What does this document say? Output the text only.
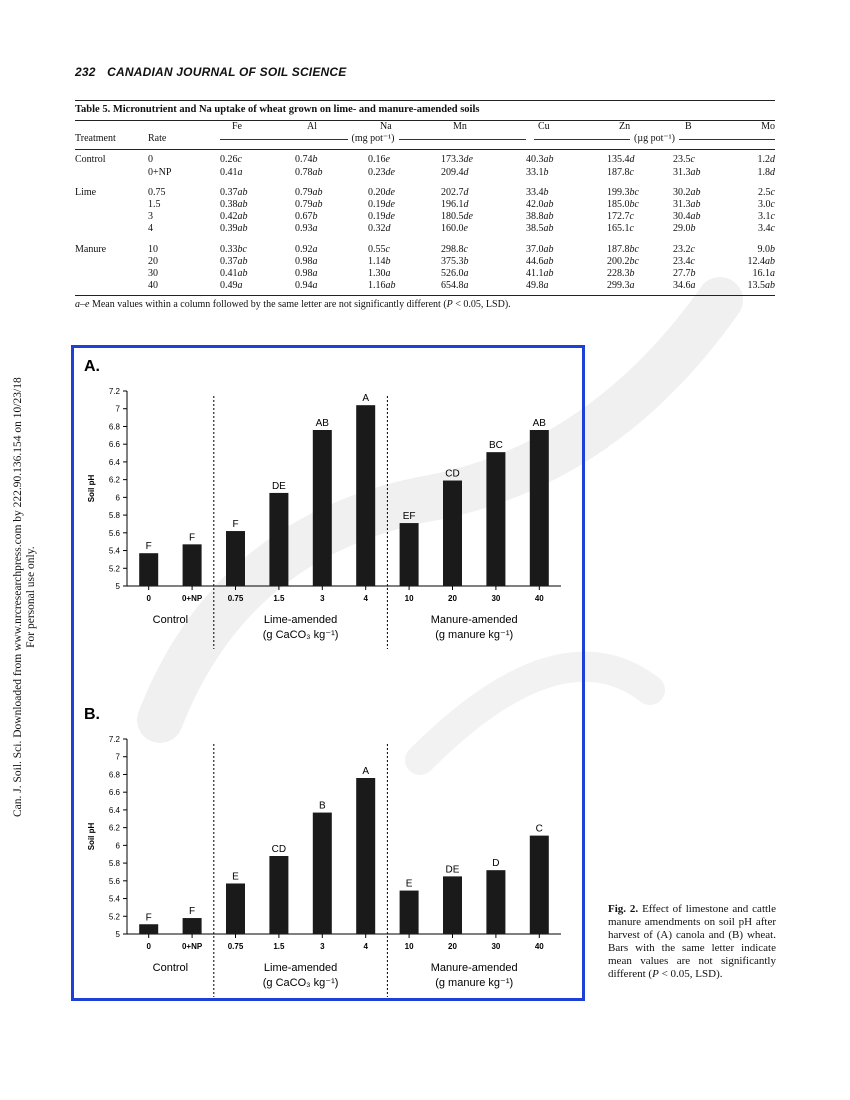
232 CANADIAN JOURNAL OF SOIL SCIENCE
Can. J. Soil. Sci. Downloaded from www.nrcresearchpress.com by 222.90.136.154 on 10/23/18 For personal use only.
Table 5. Micronutrient and Na uptake of wheat grown on lime- and manure-amended soils
		Fe	Al	Na	Mn	Cu	Zn	B	Mo
Treatment	Rate	(mg pot⁻¹)				(µg pot⁻¹)			

Control	0	0.26c	0.74b	0.16e	173.3de	40.3ab	135.4d	23.5c	1.2d
	0+NP	0.41a	0.78ab	0.23de	209.4d	33.1b	187.8c	31.3ab	1.8d

Lime	0.75	0.37ab	0.79ab	0.20de	202.7d	33.4b	199.3bc	30.2ab	2.5c
	1.5	0.38ab	0.79ab	0.19de	196.1d	42.0ab	185.0bc	31.3ab	3.0c
	3	0.42ab	0.67b	0.19de	180.5de	38.8ab	172.7c	30.4ab	3.1c
	4	0.39ab	0.93a	0.32d	160.0e	38.5ab	165.1c	29.0b	3.4c

Manure	10	0.33bc	0.92a	0.55c	298.8c	37.0ab	187.8bc	23.2c	9.0b
	20	0.37ab	0.98a	1.14b	375.3b	44.6ab	200.2bc	23.4c	12.4ab
	30	0.41ab	0.98a	1.30a	526.0a	41.1ab	228.3b	27.7b	16.1a
	40	0.49a	0.94a	1.16ab	654.8a	49.8a	299.3a	34.6a	13.5ab

a–e Mean values within a column followed by the same letter are not significantly different (P < 0.05, LSD).
A.
5
5.2
5.4
5.6
5.8
6
6.2
6.4
6.6
6.8
7
7.2
Soil pH
F
0
F
0+NP
F
0.75
DE
1.5
AB
3
A
4
EF
10
CD
20
BC
30
AB
40
Control	Lime-amended
(g CaCO₃ kg⁻¹)
Manure-amended
(g manure kg⁻¹)
B.
5
5.2
5.4
5.6
5.8
6
6.2
6.4
6.6
6.8
7
7.2
Soil pH
F
0
F
0+NP
E
0.75
CD
1.5
B
3
A
4
E
10
DE
20
D
30
C
40
Control	Lime-amended
(g CaCO₃ kg⁻¹)
Manure-amended
(g manure kg⁻¹)
Fig. 2. Effect of limestone and cattle manure amendments on soil pH after harvest of (A) canola and (B) wheat. Bars with the same letter indicate mean values are not significantly different (P < 0.05, LSD).
